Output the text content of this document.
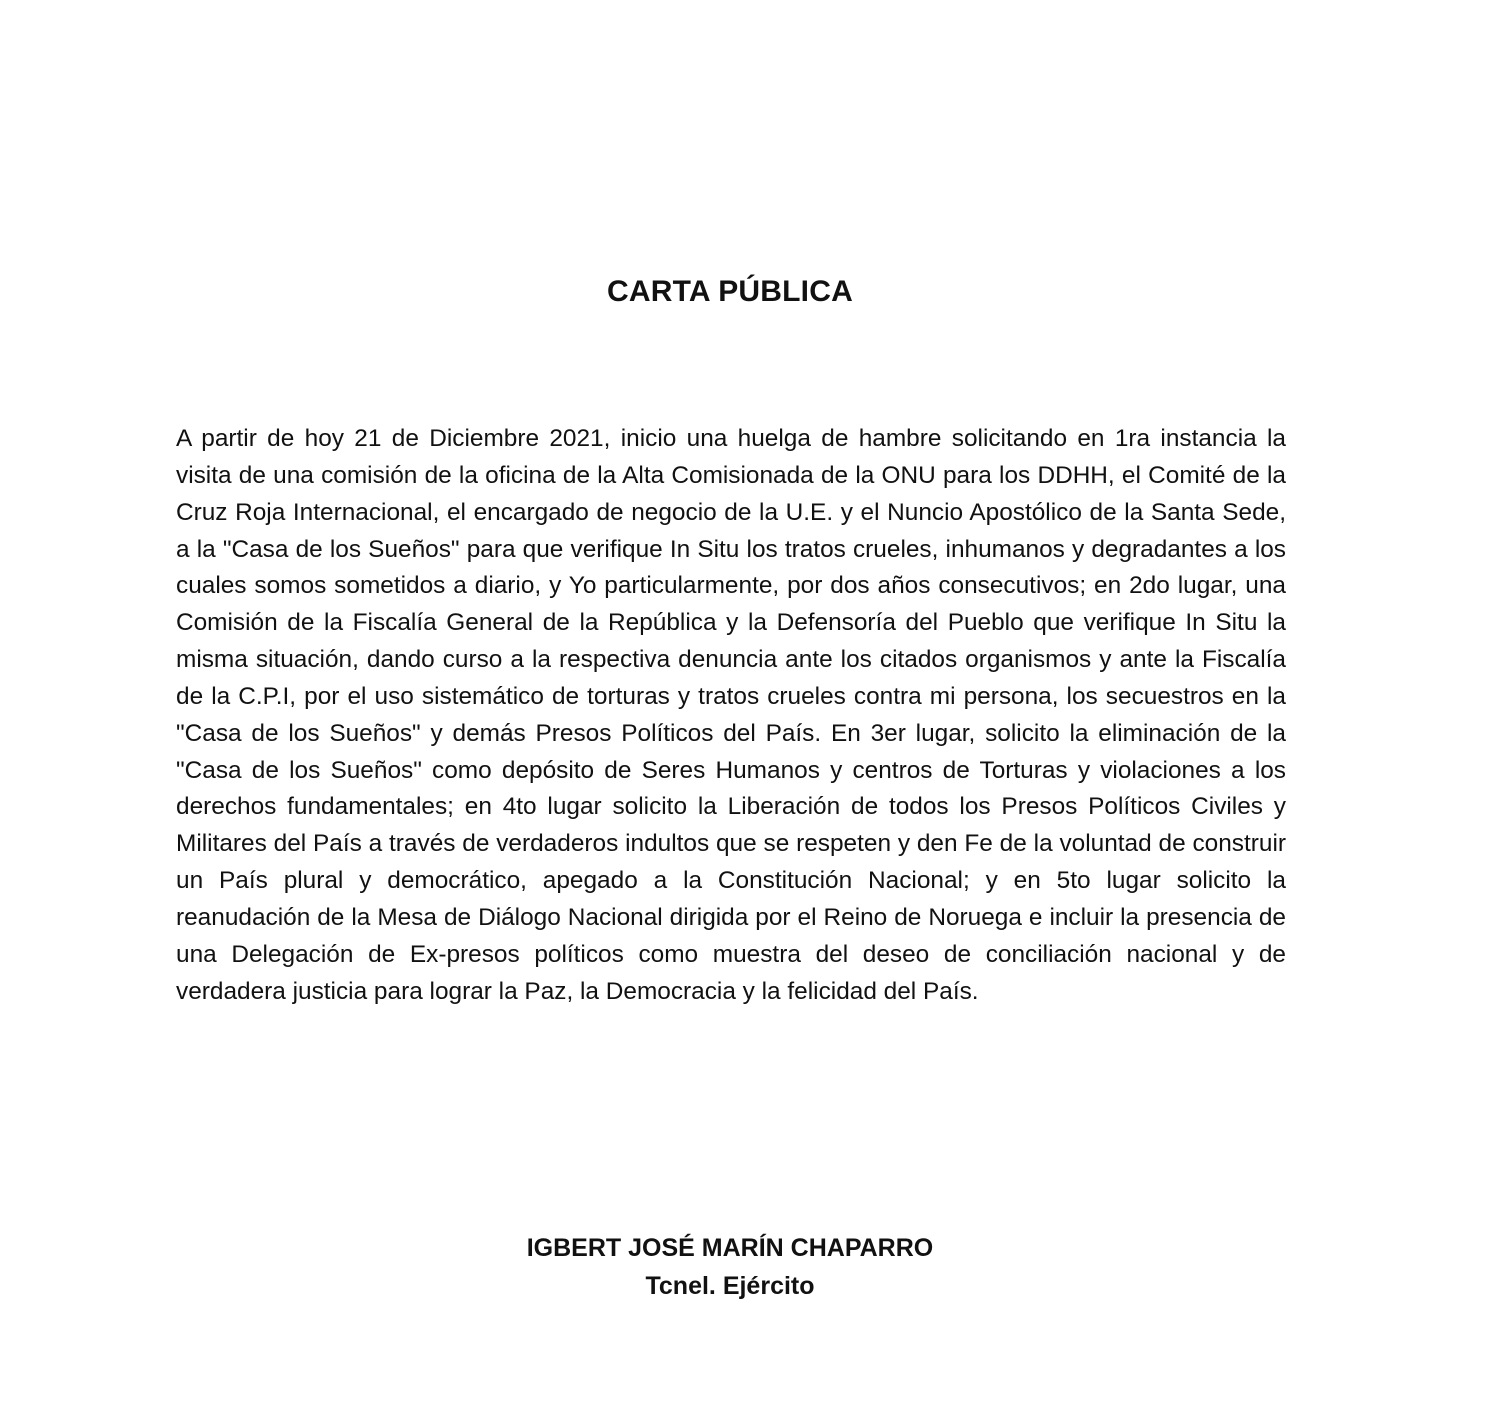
CARTA PÚBLICA
A partir de hoy 21 de Diciembre 2021, inicio una huelga de hambre solicitando en 1ra instancia la visita de una comisión de la oficina de la Alta Comisionada de la ONU para los DDHH, el Comité de la Cruz Roja Internacional, el encargado de negocio de la U.E. y el Nuncio Apostólico de la Santa Sede, a la "Casa de los Sueños" para que verifique In Situ los tratos crueles, inhumanos y degradantes a los cuales somos sometidos a diario, y Yo particularmente, por dos años consecutivos; en 2do lugar, una Comisión de la Fiscalía General de la República y la Defensoría del Pueblo que verifique In Situ la misma situación, dando curso a la respectiva denuncia ante los citados organismos y ante la Fiscalía de la C.P.I, por el uso sistemático de torturas y tratos crueles contra mi persona, los secuestros en la "Casa de los Sueños" y demás Presos Políticos del País. En 3er lugar, solicito la eliminación de la "Casa de los Sueños" como depósito de Seres Humanos y centros de Torturas y violaciones a los derechos fundamentales; en 4to lugar solicito la Liberación de todos los Presos Políticos Civiles y Militares del País a través de verdaderos indultos que se respeten y den Fe de la voluntad de construir un País plural y democrático, apegado a la Constitución Nacional; y en 5to lugar solicito la reanudación de la Mesa de Diálogo Nacional dirigida por el Reino de Noruega e incluir la presencia de una Delegación de Ex-presos políticos como muestra del deseo de conciliación nacional y de verdadera justicia para lograr la Paz, la Democracia y la felicidad del País.
IGBERT JOSÉ MARÍN CHAPARRO
Tcnel. Ejército
